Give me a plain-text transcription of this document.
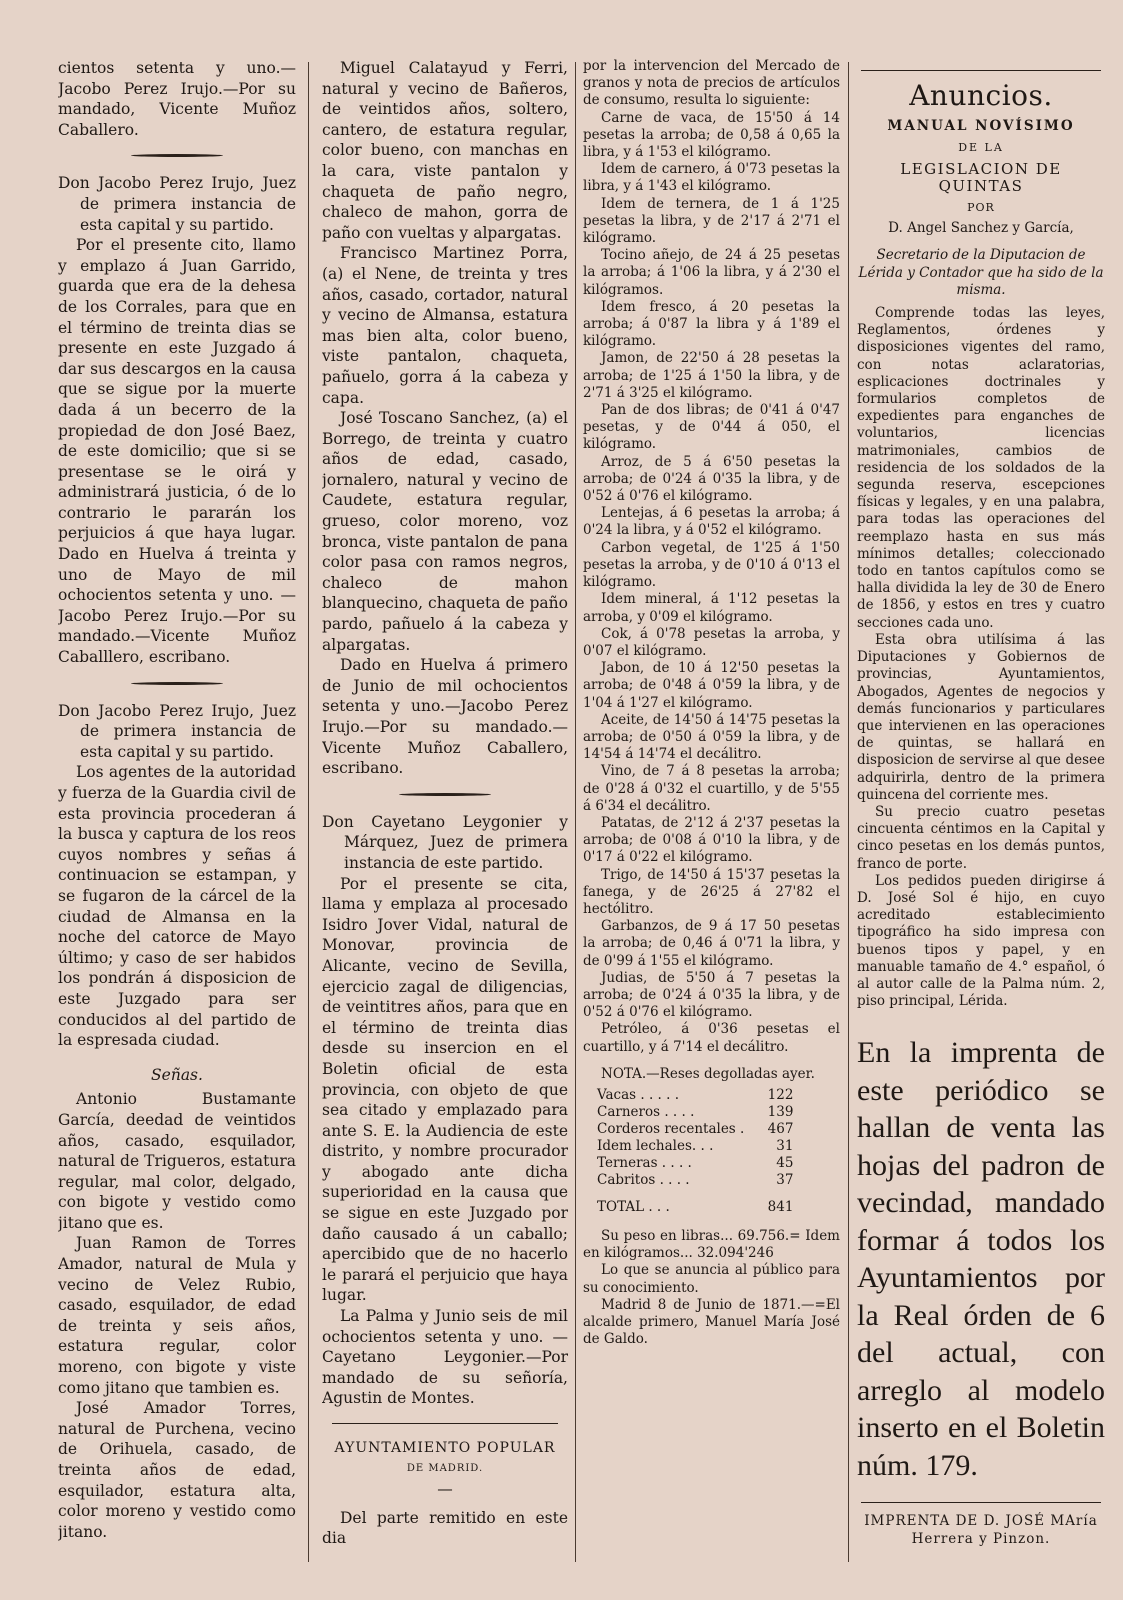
cientos setenta y uno.—Jacobo Perez Irujo.—Por su mandado, Vicente Muñoz Caballero.

Don Jacobo Perez Irujo, Juez de primera instancia de esta capital y su partido.

Por el presente cito, llamo y emplazo á Juan Garrido, guarda que era de la dehesa de los Corrales, para que en el término de treinta dias se presente en este Juzgado á dar sus descargos en la causa que se sigue por la muerte dada á un becerro de la propiedad de don José Baez, de este domicilio; que si se presentase se le oirá y administrará justicia, ó de lo contrario le pararán los perjuicios á que haya lugar. Dado en Huelva á treinta y uno de Mayo de mil ochocientos setenta y uno. —Jacobo Perez Irujo.—Por su mandado.—Vicente Muñoz Caballlero, escribano.

Don Jacobo Perez Irujo, Juez de primera instancia de esta capital y su partido.

Los agentes de la autoridad y fuerza de la Guardia civil de esta provincia procederan á la busca y captura de los reos cuyos nombres y señas á continuacion se estampan, y se fugaron de la cárcel de la ciudad de Almansa en la noche del catorce de Mayo último; y caso de ser habidos los pondrán á disposicion de este Juzgado para ser conducidos al del partido de la espresada ciudad.

Señas.

Antonio Bustamante García, deedad de veintidos años, casado, esquilador, natural de Trigueros, estatura regular, mal color, delgado, con bigote y vestido como jitano que es.

Juan Ramon de Torres Amador, natural de Mula y vecino de Velez Rubio, casado, esquilador, de edad de treinta y seis años, estatura regular, color moreno, con bigote y viste como jitano que tambien es.

José Amador Torres, natural de Purchena, vecino de Orihuela, casado, de treinta años de edad, esquilador, estatura alta, color moreno y vestido como jitano.

Miguel Calatayud y Ferri, natural y vecino de Bañeros, de veintidos años, soltero, cantero, de estatura regular, color bueno, con manchas en la cara, viste pantalon y chaqueta de paño negro, chaleco de mahon, gorra de paño con vueltas y alpargatas.

Francisco Martinez Porra, (a) el Nene, de treinta y tres años, casado, cortador, natural y vecino de Almansa, estatura mas bien alta, color bueno, viste pantalon, chaqueta, pañuelo, gorra á la cabeza y capa.

José Toscano Sanchez, (a) el Borrego, de treinta y cuatro años de edad, casado, jornalero, natural y vecino de Caudete, estatura regular, grueso, color moreno, voz bronca, viste pantalon de pana color pasa con ramos negros, chaleco de mahon blanquecino, chaqueta de paño pardo, pañuelo á la cabeza y alpargatas.

Dado en Huelva á primero de Junio de mil ochocientos setenta y uno.—Jacobo Perez Irujo.—Por su mandado.—Vicente Muñoz Caballero, escribano.

Don Cayetano Leygonier y Márquez, Juez de primera instancia de este partido.

Por el presente se cita, llama y emplaza al procesado Isidro Jover Vidal, natural de Monovar, provincia de Alicante, vecino de Sevilla, ejercicio zagal de diligencias, de veintitres años, para que en el término de treinta dias desde su insercion en el Boletin oficial de esta provincia, con objeto de que sea citado y emplazado para ante S. E. la Audiencia de este distrito, y nombre procurador y abogado ante dicha superioridad en la causa que se sigue en este Juzgado por daño causado á un caballo; apercibido que de no hacerlo le parará el perjuicio que haya lugar.

La Palma y Junio seis de mil ochocientos setenta y uno. —Cayetano Leygonier.—Por mandado de su señoría, Agustin de Montes.

AYUNTAMIENTO POPULAR
DE MADRID.
—

Del parte remitido en este dia

por la intervencion del Mercado de granos y nota de precios de artículos de consumo, resulta lo siguiente:

Carne de vaca, de 15'50 á 14 pesetas la arroba; de 0,58 á 0,65 la libra, y á 1'53 el kilógramo.

Idem de carnero, á 0'73 pesetas la libra, y á 1'43 el kilógramo.

Idem de ternera, de 1 á 1'25 pesetas la libra, y de 2'17 á 2'71 el kilógramo.

Tocino añejo, de 24 á 25 pesetas la arroba; á 1'06 la libra, y á 2'30 el kilógramos.

Idem fresco, á 20 pesetas la arroba; á 0'87 la libra y á 1'89 el kilógramo.

Jamon, de 22'50 á 28 pesetas la arroba; de 1'25 á 1'50 la libra, y de 2'71 á 3'25 el kilógramo.

Pan de dos libras; de 0'41 á 0'47 pesetas, y de 0'44 á 050, el kilógramo.

Arroz, de 5 á 6'50 pesetas la arroba; de 0'24 á 0'35 la libra, y de 0'52 á 0'76 el kilógramo.

Lentejas, á 6 pesetas la arroba; á 0'24 la libra, y á 0'52 el kilógramo.

Carbon vegetal, de 1'25 á 1'50 pesetas la arroba, y de 0'10 á 0'13 el kilógramo.

Idem mineral, á 1'12 pesetas la arroba, y 0'09 el kilógramo.

Cok, á 0'78 pesetas la arroba, y 0'07 el kilógramo.

Jabon, de 10 á 12'50 pesetas la arroba; de 0'48 á 0'59 la libra, y de 1'04 á 1'27 el kilógramo.

Aceite, de 14'50 á 14'75 pesetas la arroba; de 0'50 á 0'59 la libra, y de 14'54 á 14'74 el decálitro.

Vino, de 7 á 8 pesetas la arroba; de 0'28 á 0'32 el cuartillo, y de 5'55 á 6'34 el decálitro.

Patatas, de 2'12 á 2'37 pesetas la arroba; de 0'08 á 0'10 la libra, y de 0'17 á 0'22 el kilógramo.

Trigo, de 14'50 á 15'37 pesetas la fanega, y de 26'25 á 27'82 el hectólitro.

Garbanzos, de 9 á 17 50 pesetas la arroba; de 0,46 á 0'71 la libra, y de 0'99 á 1'55 el kilógramo.

Judias, de 5'50 á 7 pesetas la arroba; de 0'24 á 0'35 la libra, y de 0'52 á 0'76 el kilógramo.

Petróleo, á 0'36 pesetas el cuartillo, y á 7'14 el decálitro.

NOTA.—Reses degolladas ayer.

Vacas . . . . .	122
Carneros . . . .	139
Corderos recentales .	467
Idem lechales. . .	31
Terneras . . . .	45
Cabritos . . . .	37
TOTAL . . .	841

Su peso en libras... 69.756.= Idem en kilógramos... 32.094'246

Lo que se anuncia al público para su conocimiento.

Madrid 8 de Junio de 1871.—=El alcalde primero, Manuel María José de Galdo.

Anuncios.
MANUAL NOVÍSIMO
DE LA
LEGISLACION DE QUINTAS
POR
D. Angel Sanchez y García,
Secretario de la Diputacion de Lérida y Contador que ha sido de la misma.

Comprende todas las leyes, Reglamentos, órdenes y disposiciones vigentes del ramo, con notas aclaratorias, esplicaciones doctrinales y formularios completos de expedientes para enganches de voluntarios, licencias matrimoniales, cambios de residencia de los soldados de la segunda reserva, escepciones físicas y legales, y en una palabra, para todas las operaciones del reemplazo hasta en sus más mínimos detalles; coleccionado todo en tantos capítulos como se halla dividida la ley de 30 de Enero de 1856, y estos en tres y cuatro secciones cada uno.

Esta obra utilísima á las Diputaciones y Gobiernos de provincias, Ayuntamientos, Abogados, Agentes de negocios y demás funcionarios y particulares que intervienen en las operaciones de quintas, se hallará en disposicion de servirse al que desee adquirirla, dentro de la primera quincena del corriente mes.

Su precio cuatro pesetas cincuenta céntimos en la Capital y cinco pesetas en los demás puntos, franco de porte.

Los pedidos pueden dirigirse á D. José Sol é hijo, en cuyo acreditado establecimiento tipográfico ha sido impresa con buenos tipos y papel, y en manuable tamaño de 4.° español, ó al autor calle de la Palma núm. 2, piso principal, Lérida.

En la imprenta de este periódico se hallan de venta las hojas del padron de vecindad, mandado formar á todos los Ayuntamientos por la Real órden de 6 del actual, con arreglo al modelo inserto en el Boletin núm. 179.

IMPRENTA DE D. JOSÉ MAría Herrera y Pinzon.
